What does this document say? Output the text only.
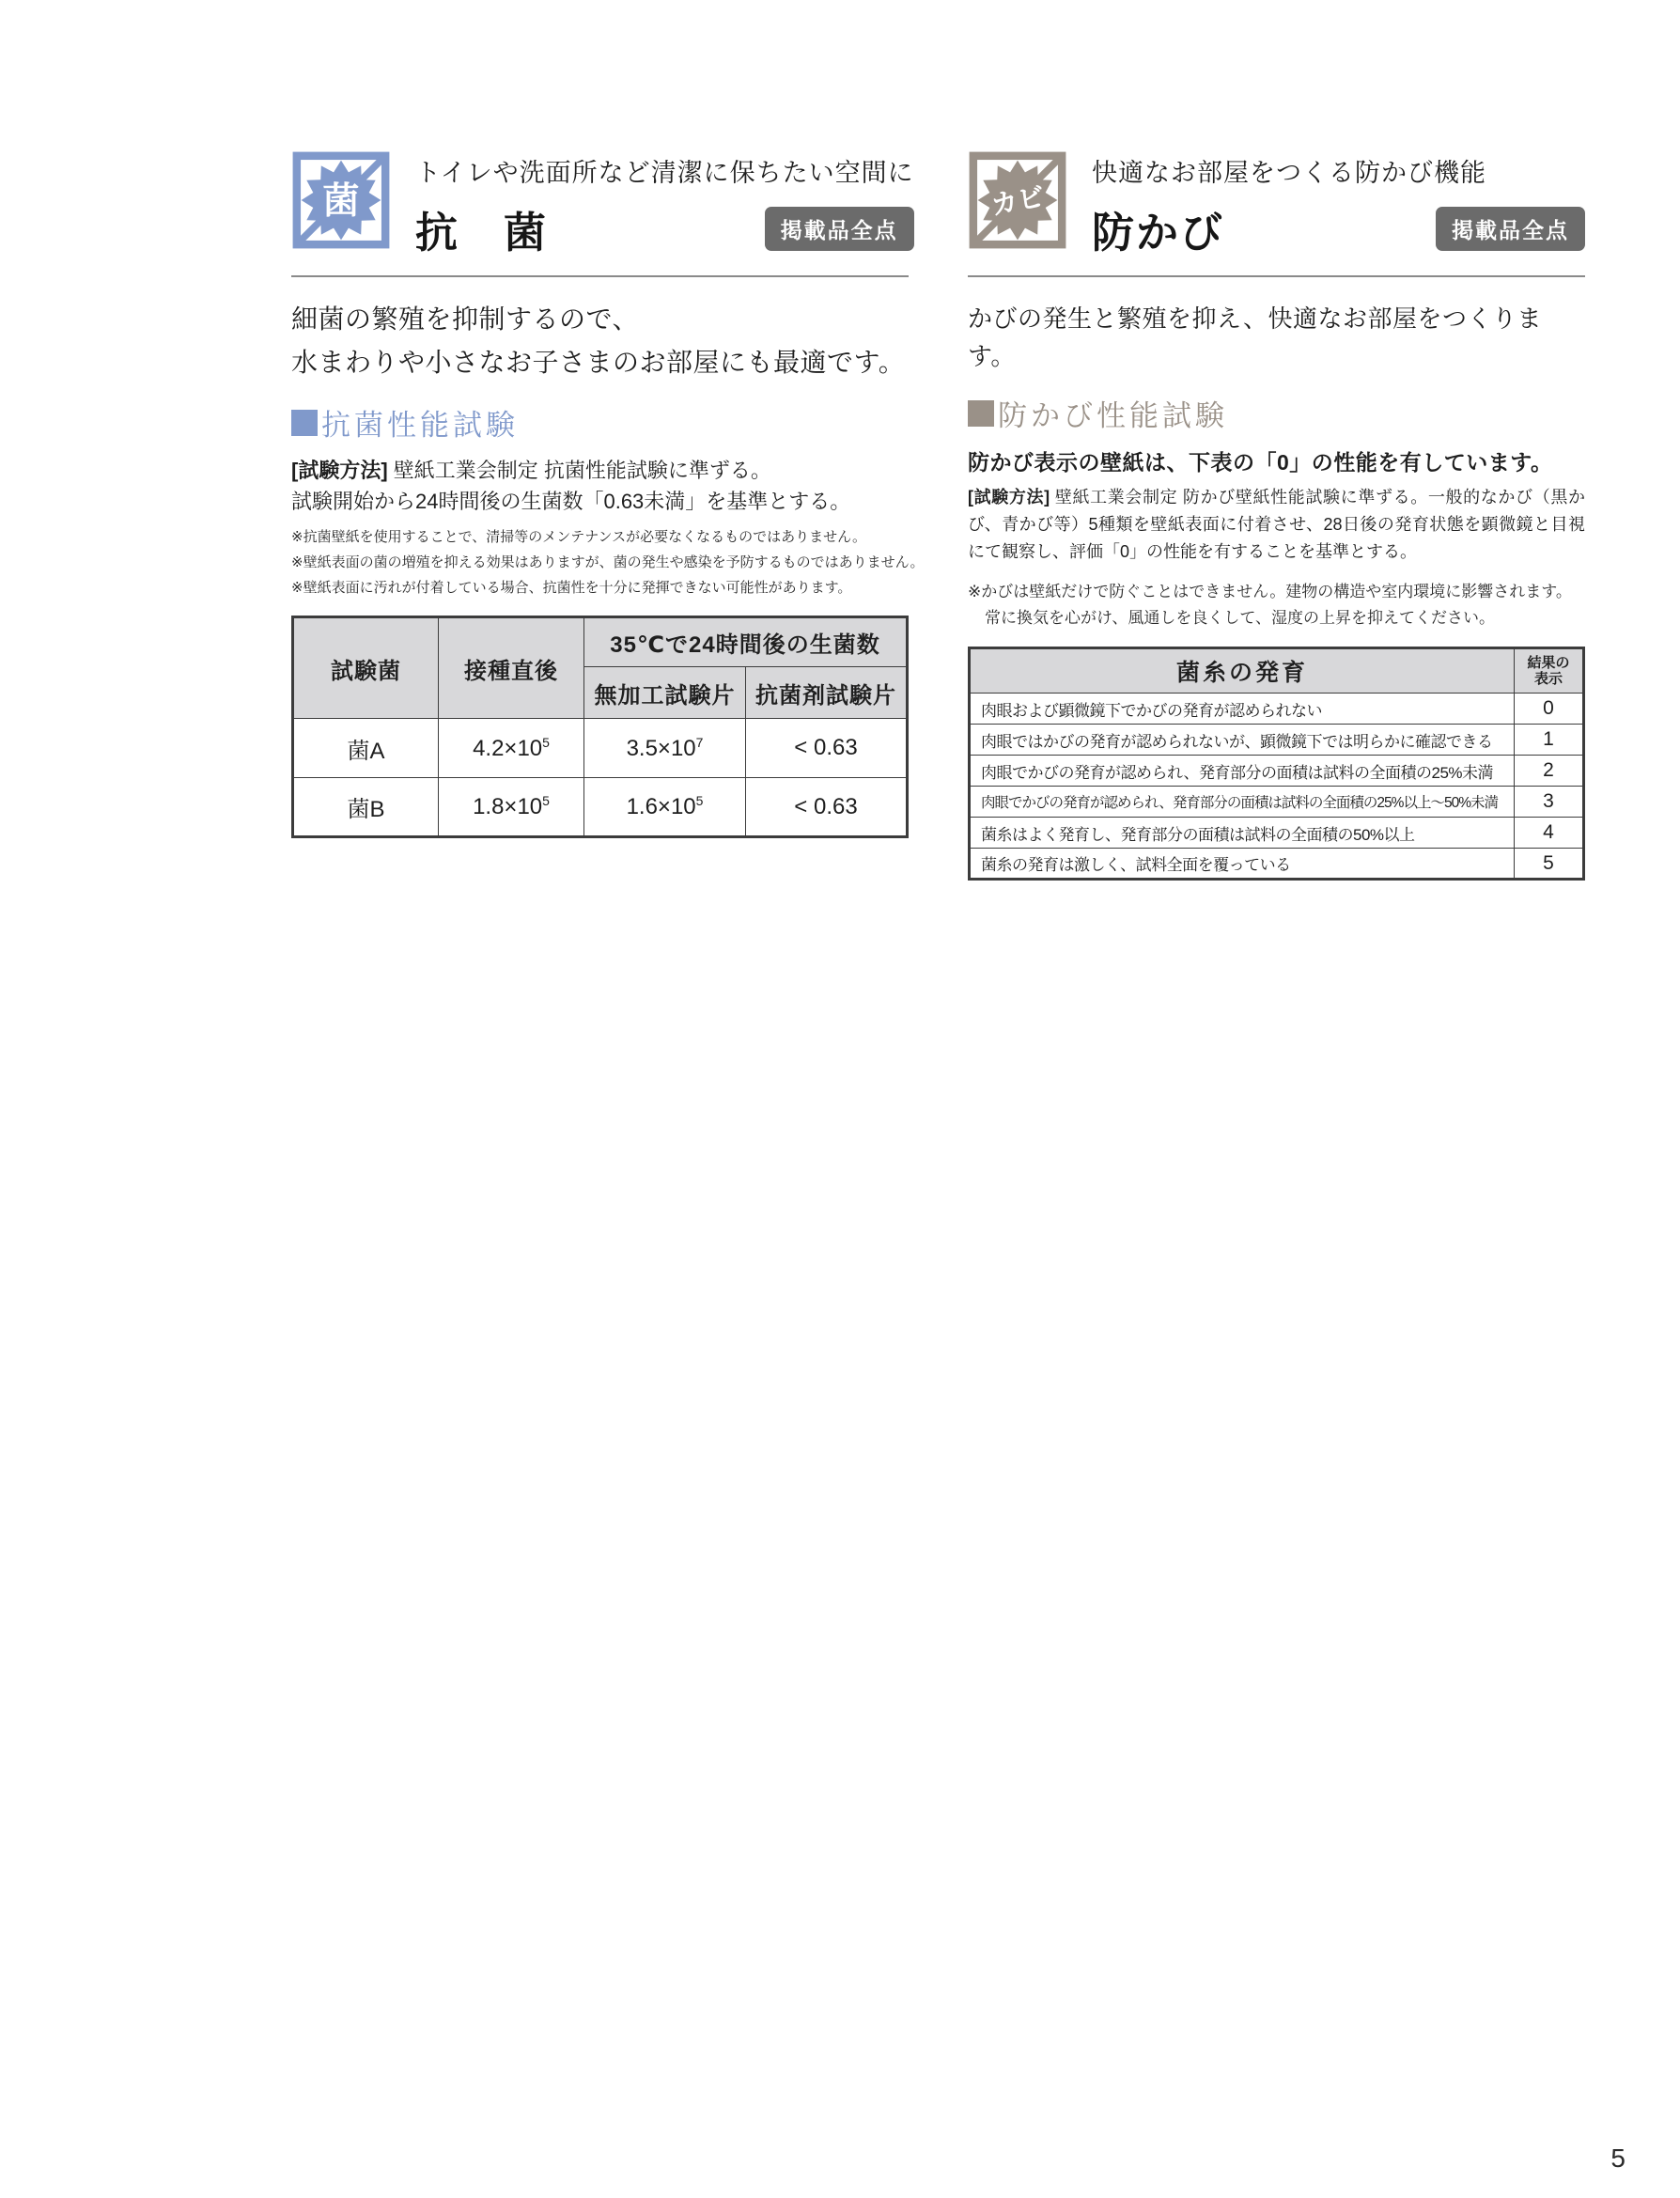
菌
トイレや洗面所など清潔に保ちたい空間に
抗　菌	掲載品全点

細菌の繁殖を抑制するので、
水まわりや小さなお子さまのお部屋にも最適です。

抗菌性能試験

[試験方法] 壁紙工業会制定 抗菌性能試験に準ずる。
試験開始から24時間後の生菌数「0.63未満」を基準とする。

※抗菌壁紙を使用することで、清掃等のメンテナンスが必要なくなるものではありません。
※壁紙表面の菌の増殖を抑える効果はありますが、菌の発生や感染を予防するものではありません。
※壁紙表面に汚れが付着している場合、抗菌性を十分に発揮できない可能性があります。
試験菌	接種直後	35℃で24時間後の生菌数	
		無加工試験片	抗菌剤試験片
菌A	$4.2\times 10^5$	$3.5\times 10^7$	< 0.63
菌B	$1.8\times 10^5$	$1.6\times 10^5$	< 0.63
カビ
快適なお部屋をつくる防かび機能
防かび	掲載品全点

かびの発生と繁殖を抑え、快適なお部屋をつくります。

防かび性能試験

防かび表示の壁紙は、下表の「0」の性能を有しています。

[試験方法] 壁紙工業会制定 防かび壁紙性能試験に準ずる。一般的なかび（黒かび、青かび等）5種類を壁紙表面に付着させ、28日後の発育状態を顕微鏡と目視にて観察し、評価「0」の性能を有することを基準とする。

※かびは壁紙だけで防ぐことはできません。建物の構造や室内環境に影響されます。
常に換気を心がけ、風通しを良くして、湿度の上昇を抑えてください。
菌糸の発育	結果の
表示

肉眼および顕微鏡下でかびの発育が認められない	0
肉眼ではかびの発育が認められないが、顕微鏡下では明らかに確認できる	1
肉眼でかびの発育が認められ、発育部分の面積は試料の全面積の25%未満	2
肉眼でかびの発育が認められ、発育部分の面積は試料の全面積の25%以上～50%未満	3
菌糸はよく発育し、発育部分の面積は試料の全面積の50%以上	4
菌糸の発育は激しく、試料全面を覆っている	5
5
